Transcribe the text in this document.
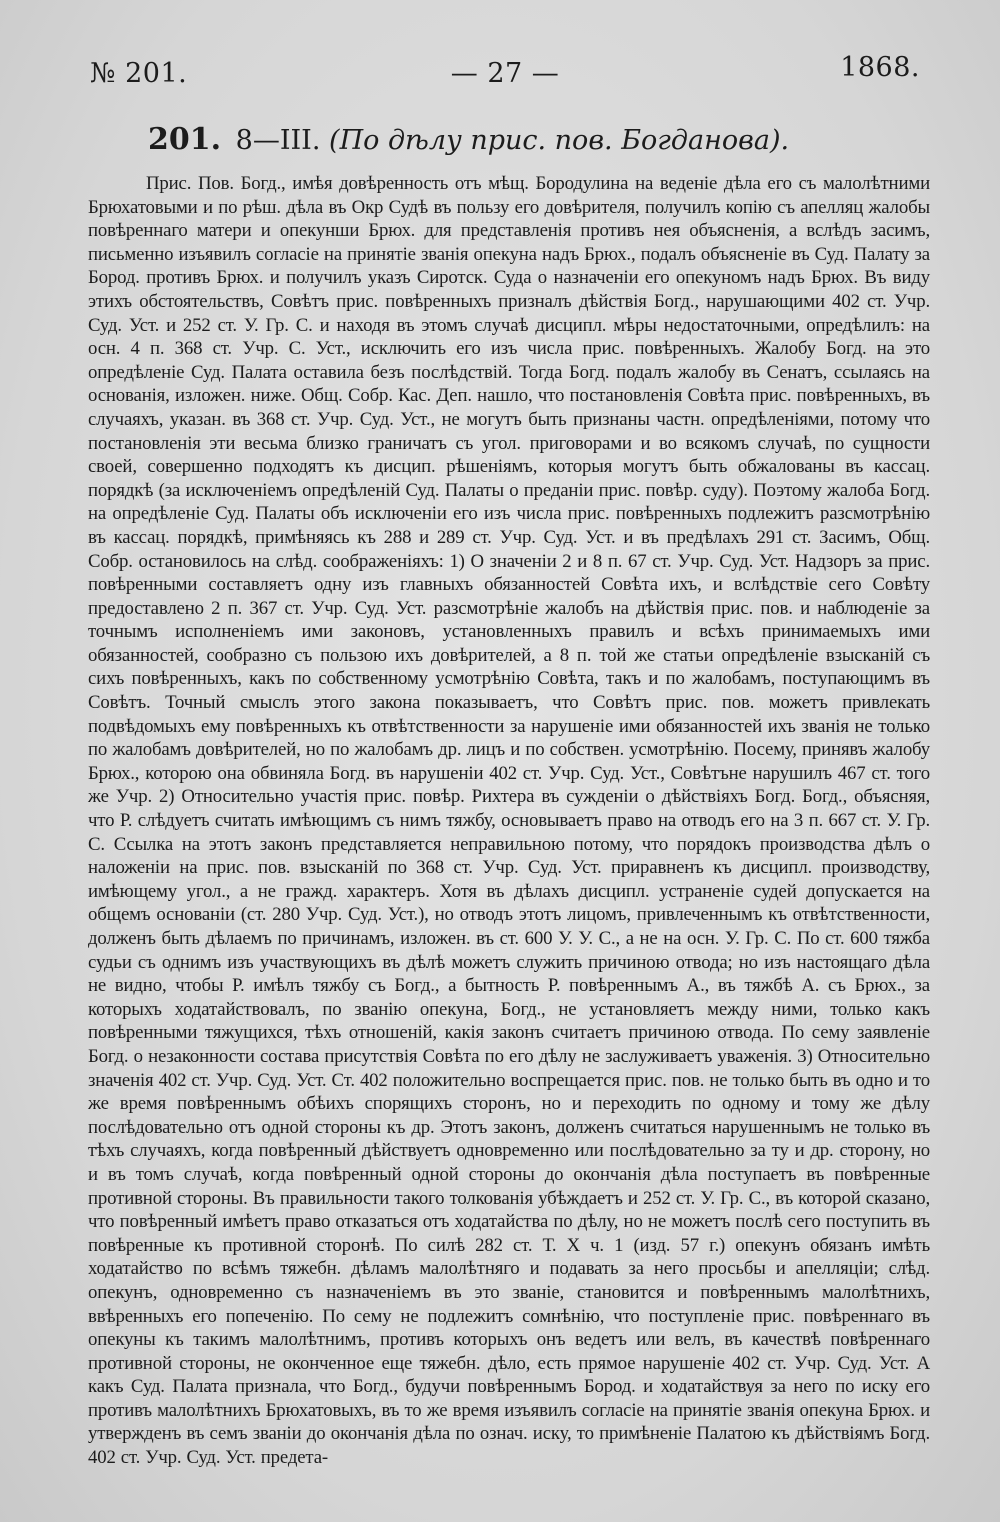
№ 201.	— 27 —	1868.
201. 8—III. (По дѣлу прис. пов. Богданова).

Прис. Пов. Богд., имѣя довѣренность отъ мѣщ. Бородулина на веденіе дѣла его съ малолѣтними Брюхатовыми и по рѣш. дѣла въ Окр Судѣ въ пользу его довѣрителя, получилъ копію съ апелляц жалобы повѣреннаго матери и опекунши Брюх. для представленія противъ нея объясненія, а вслѣдъ засимъ, письменно изъявилъ согласіе на принятіе званія опекуна надъ Брюх., подалъ объясненіе въ Суд. Палату за Бород. противъ Брюх. и получилъ указъ Сиротск. Суда о назначеніи его опекуномъ надъ Брюх. Въ виду этихъ обстоятельствъ, Совѣтъ прис. повѣренныхъ призналъ дѣйствія Богд., нарушающими 402 ст. Учр. Суд. Уст. и 252 ст. У. Гр. С. и находя въ этомъ случаѣ дисципл. мѣры недостаточными, опредѣлилъ: на осн. 4 п. 368 ст. Учр. С. Уст., исключить его изъ числа прис. повѣренныхъ. Жалобу Богд. на это опредѣленіе Суд. Палата оставила безъ послѣдствій. Тогда Богд. подалъ жалобу въ Сенатъ, ссылаясь на основанія, изложен. ниже. Общ. Собр. Кас. Деп. нашло, что постановленія Совѣта прис. повѣренныхъ, въ случаяхъ, указан. въ 368 ст. Учр. Суд. Уст., не могутъ быть признаны частн. опредѣленіями, потому что постановленія эти весьма близко граничатъ съ угол. приговорами и во всякомъ случаѣ, по сущности своей, совершенно подходятъ къ дисцип. рѣшеніямъ, которыя могутъ быть обжалованы въ кассац. порядкѣ (за исключеніемъ опредѣленій Суд. Палаты о преданіи прис. повѣр. суду). Поэтому жалоба Богд. на опредѣленіе Суд. Палаты объ исключеніи его изъ числа прис. повѣренныхъ подлежитъ разсмотрѣнію въ кассац. порядкѣ, примѣняясь къ 288 и 289 ст. Учр. Суд. Уст. и въ предѣлахъ 291 ст. Засимъ, Общ. Собр. остановилось на слѣд. соображеніяхъ: 1) О значеніи 2 и 8 п. 67 ст. Учр. Суд. Уст. Надзоръ за прис. повѣренными составляетъ одну изъ главныхъ обязанностей Совѣта ихъ, и вслѣдствіе сего Совѣту предоставлено 2 п. 367 ст. Учр. Суд. Уст. разсмотрѣніе жалобъ на дѣйствія прис. пов. и наблюденіе за точнымъ исполненіемъ ими законовъ, установленныхъ правилъ и всѣхъ принимаемыхъ ими обязанностей, сообразно съ пользою ихъ довѣрителей, а 8 п. той же статьи опредѣленіе взысканій съ сихъ повѣренныхъ, какъ по собственному усмотрѣнію Совѣта, такъ и по жалобамъ, поступающимъ въ Совѣтъ. Точный смыслъ этого закона показываетъ, что Совѣтъ прис. пов. можетъ привлекать подвѣдомыхъ ему повѣренныхъ къ отвѣтственности за нарушеніе ими обязанностей ихъ званія не только по жалобамъ довѣрителей, но по жалобамъ др. лицъ и по собствен. усмотрѣнію. Посему, принявъ жалобу Брюх., которою она обвиняла Богд. въ нарушеніи 402 ст. Учр. Суд. Уст., Совѣтъне нарушилъ 467 ст. того же Учр. 2) Относительно участія прис. повѣр. Рихтера въ сужденіи о дѣйствіяхъ Богд. Богд., объясняя, что Р. слѣдуетъ считать имѣющимъ съ нимъ тяжбу, основываетъ право на отводъ его на 3 п. 667 ст. У. Гр. С. Ссылка на этотъ законъ представляется неправильною потому, что порядокъ производства дѣлъ о наложеніи на прис. пов. взысканій по 368 ст. Учр. Суд. Уст. приравненъ къ дисципл. производству, имѣющему угол., а не гражд. характеръ. Хотя въ дѣлахъ дисципл. устраненіе судей допускается на общемъ основаніи (ст. 280 Учр. Суд. Уст.), но отводъ этотъ лицомъ, привлеченнымъ къ отвѣтственности, долженъ быть дѣлаемъ по причинамъ, изложен. въ ст. 600 У. У. С., а не на осн. У. Гр. С. По ст. 600 тяжба судьи съ однимъ изъ участвующихъ въ дѣлѣ можетъ служить причиною отвода; но изъ настоящаго дѣла не видно, чтобы Р. имѣлъ тяжбу съ Богд., а бытность Р. повѣреннымъ А., въ тяжбѣ А. съ Брюх., за которыхъ ходатайствовалъ, по званію опекуна, Богд., не установляетъ между ними, только какъ повѣренными тяжущихся, тѣхъ отношеній, какія законъ считаетъ причиною отвода. По сему заявленіе Богд. о незаконности состава присутствія Совѣта по его дѣлу не заслуживаетъ уваженія. 3) Относительно значенія 402 ст. Учр. Суд. Уст. Ст. 402 положительно воспрещается прис. пов. не только быть въ одно и то же время повѣреннымъ обѣихъ спорящихъ сторонъ, но и переходить по одному и тому же дѣлу послѣдовательно отъ одной стороны къ др. Этотъ законъ, долженъ считаться нарушеннымъ не только въ тѣхъ случаяхъ, когда повѣренный дѣйствуетъ одновременно или послѣдовательно за ту и др. сторону, но и въ томъ случаѣ, когда повѣренный одной стороны до окончанія дѣла поступаетъ въ повѣренные противной стороны. Въ правильности такого толкованія убѣждаетъ и 252 ст. У. Гр. С., въ которой сказано, что повѣренный имѣетъ право отказаться отъ ходатайства по дѣлу, но не можетъ послѣ сего поступить въ повѣренные къ противной сторонѣ. По силѣ 282 ст. Т. X ч. 1 (изд. 57 г.) опекунъ обязанъ имѣть ходатайство по всѣмъ тяжебн. дѣламъ малолѣтняго и подавать за него просьбы и апелляціи; слѣд. опекунъ, одновременно съ назначеніемъ въ это званіе, становится и повѣреннымъ малолѣтнихъ, ввѣренныхъ его попеченію. По сему не подлежитъ сомнѣнію, что поступленіе прис. повѣреннаго въ опекуны къ такимъ малолѣтнимъ, противъ которыхъ онъ ведетъ или велъ, въ качествѣ повѣреннаго противной стороны, не оконченное еще тяжебн. дѣло, есть прямое нарушеніе 402 ст. Учр. Суд. Уст. А какъ Суд. Палата признала, что Богд., будучи повѣреннымъ Бород. и ходатайствуя за него по иску его противъ малолѣтнихъ Брюхатовыхъ, въ то же время изъявилъ согласіе на принятіе званія опекуна Брюх. и утвержденъ въ семъ званіи до окончанія дѣла по означ. иску, то примѣненіе Палатою къ дѣйствіямъ Богд. 402 ст. Учр. Суд. Уст. предета-
